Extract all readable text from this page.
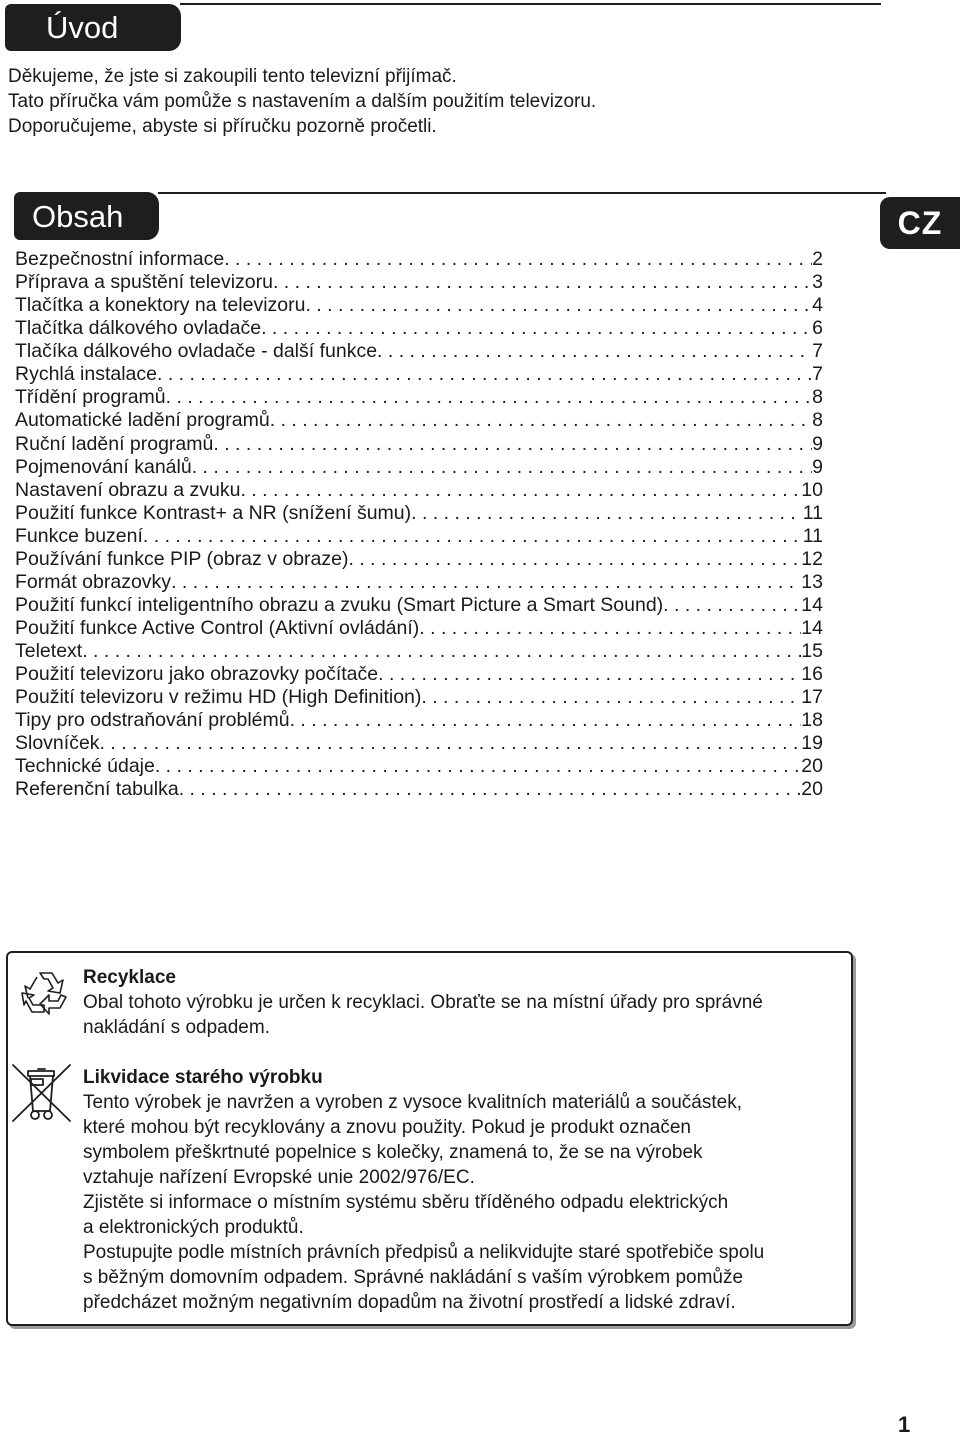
Úvod
Děkujeme, že jste si zakoupili tento televizní přijímač.
Tato příručka vám pomůže s nastavením a dalším použitím televizoru.
Doporučujeme, abyste si příručku pozorně pročetli.
Obsah	CZ
Bezpečnostní informace . . .	2
Příprava a spuštění televizoru . . .	3
Tlačítka a konektory na televizoru . . .	4
Tlačítka dálkového ovladače . . .	6
Tlačíka dálkového ovladače - další funkce . . .	7
Rychlá instalace . . .	7
Třídění programů . . .	8
Automatické ladění programů . . .	8
Ruční ladění programů . . .	9
Pojmenování kanálů . . .	9
Nastavení obrazu a zvuku . . .	10
Použití funkce Kontrast+ a NR (snížení šumu) . . .	11
Funkce buzení . . .	11
Používání funkce PIP (obraz v obraze) . . .	12
Formát obrazovky . . .	13
Použití funkcí inteligentního obrazu a zvuku (Smart Picture a Smart Sound) . . .	14
Použití funkce Active Control (Aktivní ovládání) . . .	14
Teletext . . .	15
Použití televizoru jako obrazovky počítače . . .	16
Použití televizoru v režimu HD (High Definition) . . .	17
Tipy pro odstraňování problémů . . .	18
Slovníček . . .	19
Technické údaje . . .	20
Referenční tabulka . . .	20
Recyklace
Obal tohoto výrobku je určen k recyklaci. Obraťte se na místní úřady pro správné
nakládání s odpadem.
Likvidace starého výrobku
Tento výrobek je navržen a vyroben z vysoce kvalitních materiálů a součástek,
které mohou být recyklovány a znovu použity. Pokud je produkt označen
symbolem přeškrtnuté popelnice s kolečky, znamená to, že se na výrobek
vztahuje nařízení Evropské unie 2002/976/EC.
Zjistěte si informace o místním systému sběru tříděného odpadu elektrických
a elektronických produktů.
Postupujte podle místních právních předpisů a nelikvidujte staré spotřebiče spolu
s běžným domovním odpadem. Správné nakládání s vaším výrobkem pomůže
předcházet možným negativním dopadům na životní prostředí a lidské zdraví.
1
